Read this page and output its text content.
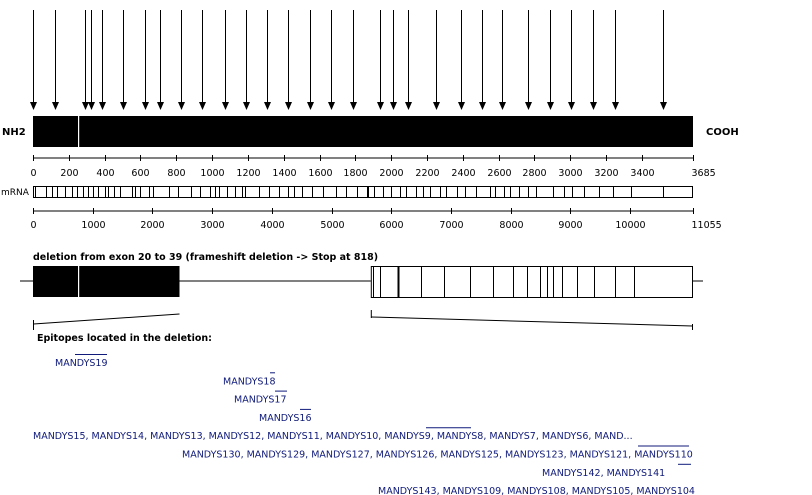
NH2	COOH
0	200 400 600 800 1000 1200 1400 1600 1800 2000 2200 2400 2600 2800 3000 3200 3400	3685
mRNA
0	1000	2000	3000	4000	5000	6000	7000	8000	9000	10000	11055
deletion from exon 20 to 39 (frameshift deletion -> Stop at 818)
Epitopes located in the deletion:
MANDYS19
MANDYS18
MANDYS17
MANDYS16
MANDYS15, MANDYS14, MANDYS13, MANDYS12, MANDYS11, MANDYS10, MANDYS9, MANDYS8, MANDYS7, MANDYS6, MAND...
MANDYS130, MANDYS129, MANDYS127, MANDYS126, MANDYS125, MANDYS123, MANDYS121, MANDYS110
MANDYS142, MANDYS141
MANDYS143, MANDYS109, MANDYS108, MANDYS105, MANDYS104
